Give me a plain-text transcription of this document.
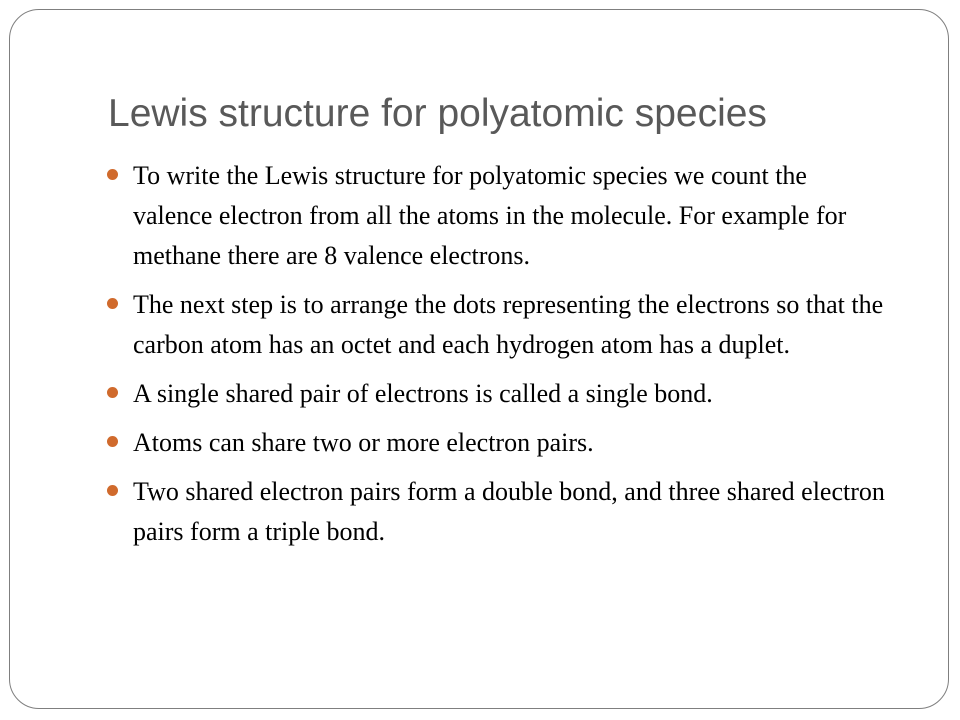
Lewis structure for polyatomic species
To write the Lewis structure for polyatomic species we count the valence electron from all the atoms in the molecule. For example for methane there are 8 valence electrons.
The next step is to arrange the dots representing the electrons so that the carbon atom has an octet and each hydrogen atom has a duplet.
A single shared pair of electrons is called a single bond.
Atoms can share two or more electron pairs.
Two shared electron pairs form a double bond, and three shared electron pairs form a triple bond.
